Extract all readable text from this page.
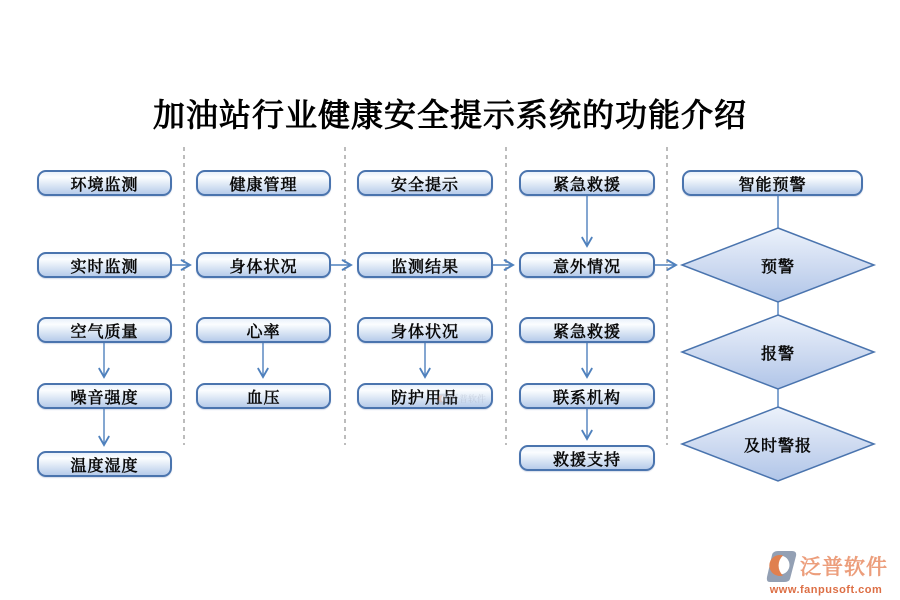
加油站行业健康安全提示系统的功能介绍
环境监测
实时监测
空气质量
噪音强度
温度湿度
健康管理
身体状况
心率
血压
安全提示
监测结果
身体状况
防护用品
紧急救援
意外情况
紧急救援
联系机构
救援支持
智能预警
预警
报警
及时警报
泛普软件
泛普软件
www.fanpusoft.com
